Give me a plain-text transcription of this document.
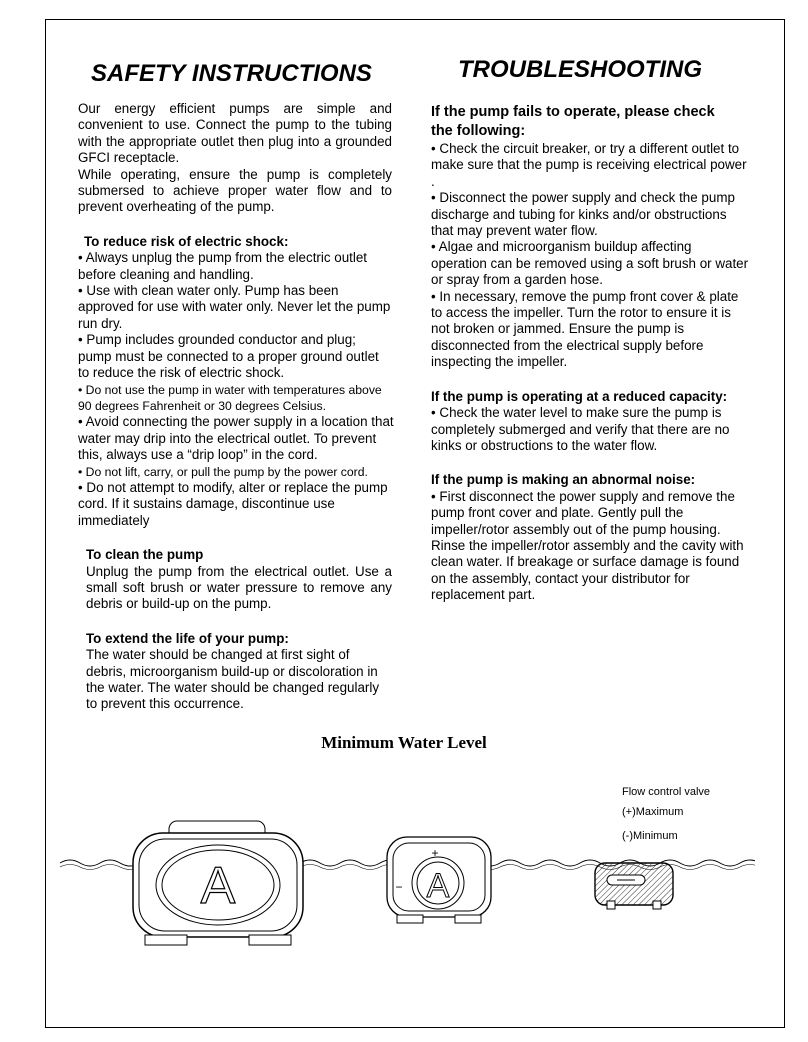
SAFETY INSTRUCTIONS	TROUBLESHOOTING

Our energy efficient pumps are simple and convenient to use. Connect the pump to the tubing with the appropriate outlet then plug into a grounded GFCI receptacle.

While operating, ensure the pump is completely submersed to achieve proper water flow and to prevent overheating of the pump.

To reduce risk of electric shock:

• Always unplug the pump from the electric outlet before cleaning and handling.

• Use with clean water only. Pump has been approved for use with water only. Never let the pump run dry.

• Pump includes grounded conductor and plug; pump must be connected to a proper ground outlet to reduce the risk of electric shock.

• Do not use the pump in water with temperatures above 90 degrees Fahrenheit or 30 degrees Celsius.

• Avoid connecting the power supply in a location that water may drip into the electrical outlet. To prevent this, always use a “drip loop” in the cord.

• Do not lift, carry, or pull the pump by the power cord.

• Do not attempt to modify, alter or replace the pump cord. If it sustains damage, discontinue use immediately

To clean the pump

Unplug the pump from the electrical outlet. Use a small soft brush or water pressure to remove any debris or build-up on the pump.

To extend the life of your pump:

The water should be changed at first sight of debris, microorganism build-up or discoloration in the water. The water should be changed regularly to prevent this occurrence.

If the pump fails to operate, please check the following:

• Check the circuit breaker, or try a different outlet to make sure that the pump is receiving electrical power .

• Disconnect the power supply and check the pump discharge and tubing for kinks and/or obstructions that may prevent water flow.

• Algae and microorganism buildup affecting operation can be removed using a soft brush or water or spray from a garden hose.

• In necessary, remove the pump front cover & plate to access the impeller. Turn the rotor to ensure it is not broken or jammed. Ensure the pump is disconnected from the electrical supply before inspecting the impeller.

If the pump is operating at a reduced capacity:

• Check the water level to make sure the pump is completely submerged and verify that there are no kinks or obstructions to the water flow.

If the pump is making an abnormal noise:

• First disconnect the power supply and remove the pump front cover and plate. Gently pull the impeller/rotor assembly out of the pump housing. Rinse the impeller/rotor assembly and the cavity with clean water. If breakage or surface damage is found on the assembly, contact your distributor for replacement part.

Minimum Water Level

Flow control valve

(+)Maximum

(-)Minimum

A	A
+
−
